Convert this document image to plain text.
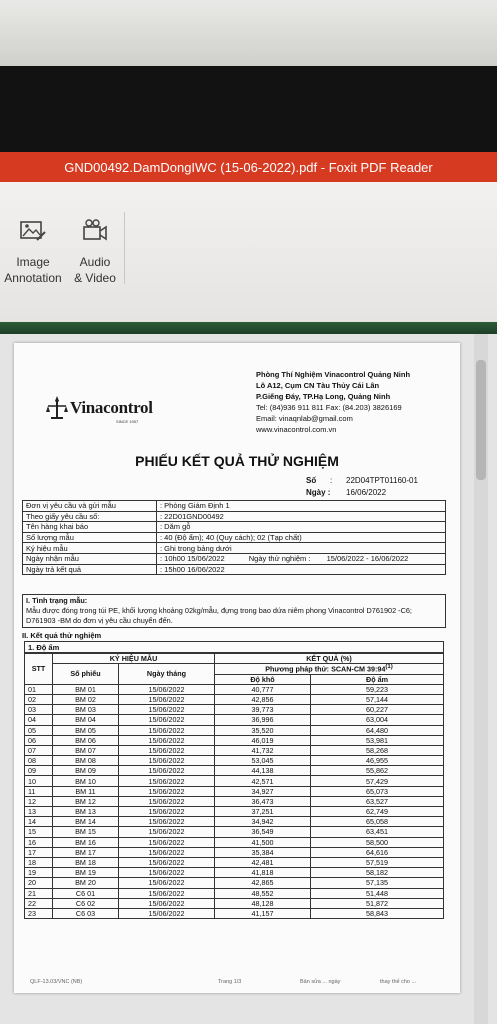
GND00492.DamDongIWC (15-06-2022).pdf - Foxit PDF Reader
Image
Annotation
Audio
& Video
Vinacontrol
SINCE 1957
Phòng Thí Nghiệm Vinacontrol Quảng Ninh
Lô A12, Cụm CN Tàu Thủy Cái Lân
P.Giếng Đáy, TP.Hạ Long, Quảng Ninh
Tel: (84)936 911 811 Fax: (84.203) 3826169
Email: vinaqnlab@gmail.com
www.vinacontrol.com.vn
PHIẾU KẾT QUẢ THỬ NGHIỆM
Số : 22D04TPT01160-01
Ngày : 16/06/2022
Đơn vị yêu cầu và gửi mẫu	: Phòng Giám Định 1
Theo giấy yêu cầu số:	: 22D01GND00492
Tên hàng khai báo	: Dăm gỗ
Số lượng mẫu	: 40 (Độ ẩm); 40 (Quy cách); 02 (Tạp chất)
Ký hiệu mẫu	: Ghi trong bảng dưới
Ngày nhận mẫu	: 10h00 15/06/2022 Ngày thử nghiệm : 15/06/2022 - 16/06/2022
Ngày trả kết quả	: 15h00 16/06/2022
I. Tình trạng mẫu:
Mẫu được đóng trong túi PE, khối lượng khoảng 02kg/mẫu, đựng trong bao dứa niêm phong Vinacontrol D761902 -C6; D761903 -BM do đơn vị yêu cầu chuyển đến.
II. Kết quả thử nghiệm
1. Độ ẩm
STT	KÝ HIỆU MẪU		KẾT QUẢ (%)	
	Số phiếu	Ngày tháng	Phương pháp thử: SCAN-CM 39:94$^{(1)}$
			Độ khô	Độ ẩm
01	BM 01	15/06/2022	40,777	59,223
02	BM 02	15/06/2022	42,856	57,144
03	BM 03	15/06/2022	39,773	60,227
04	BM 04	15/06/2022	36,996	63,004
05	BM 05	15/06/2022	35,520	64,480
06	BM 06	15/06/2022	46,019	53,981
07	BM 07	15/06/2022	41,732	58,268
08	BM 08	15/06/2022	53,045	46,955
09	BM 09	15/06/2022	44,138	55,862
10	BM 10	15/06/2022	42,571	57,429
11	BM 11	15/06/2022	34,927	65,073
12	BM 12	15/06/2022	36,473	63,527
13	BM 13	15/06/2022	37,251	62,749
14	BM 14	15/06/2022	34,942	65,058
15	BM 15	15/06/2022	36,549	63,451
16	BM 16	15/06/2022	41,500	58,500
17	BM 17	15/06/2022	35,384	64,616
18	BM 18	15/06/2022	42,481	57,519
19	BM 19	15/06/2022	41,818	58,182
20	BM 20	15/06/2022	42,865	57,135
21	C6 01	15/06/2022	48,552	51,448
22	C6 02	15/06/2022	48,128	51,872
23	C6 03	15/06/2022	41,157	58,843
QLF-13.03/VNC (NB)	Trang 1/3	Bản sửa ... ngày	thay thế cho ...
